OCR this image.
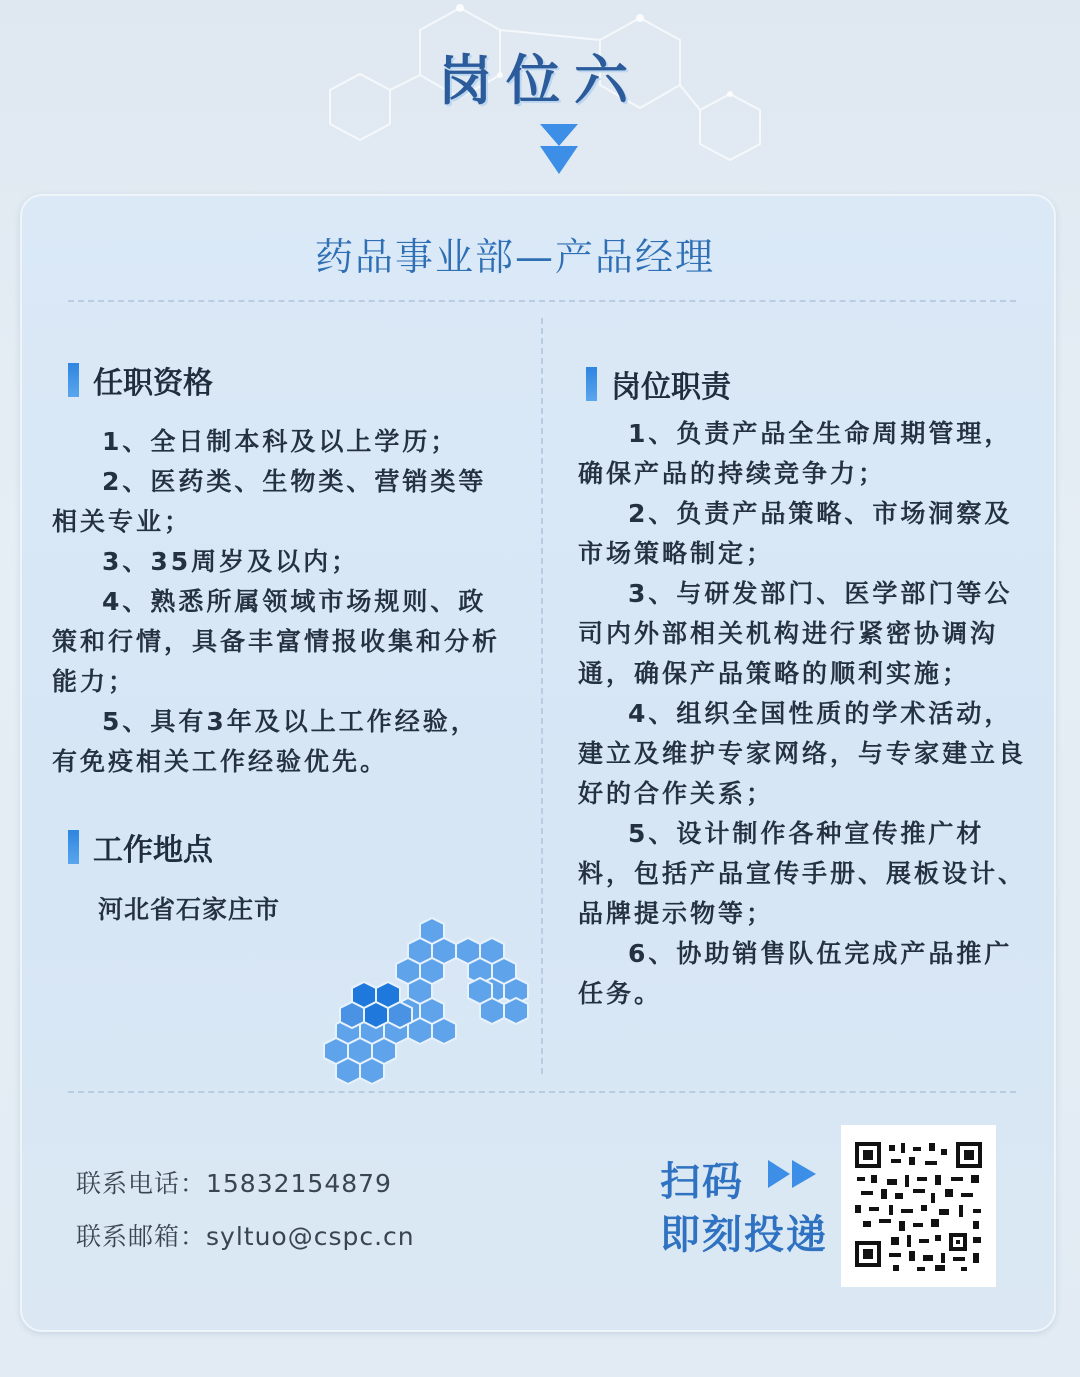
岗位六
药品事业部—产品经理
任职资格

1、全日制本科及以上学历；

2、医药类、生物类、营销类等相关专业；

3、35周岁及以内；

4、熟悉所属领域市场规则、政策和行情，具备丰富情报收集和分析能力；

5、具有3年及以上工作经验，有免疫相关工作经验优先。

工作地点
河北省石家庄市
岗位职责

1、负责产品全生命周期管理，确保产品的持续竞争力；

2、负责产品策略、市场洞察及市场策略制定；

3、与研发部门、医学部门等公司内外部相关机构进行紧密协调沟通，确保产品策略的顺利实施；

4、组织全国性质的学术活动，建立及维护专家网络，与专家建立良好的合作关系；

5、设计制作各种宣传推广材料，包括产品宣传手册、展板设计、品牌提示物等；

6、协助销售队伍完成产品推广任务。

联系电话：15832154879
联系邮箱：syltuo@cspc.cn
扫码
即刻投递
